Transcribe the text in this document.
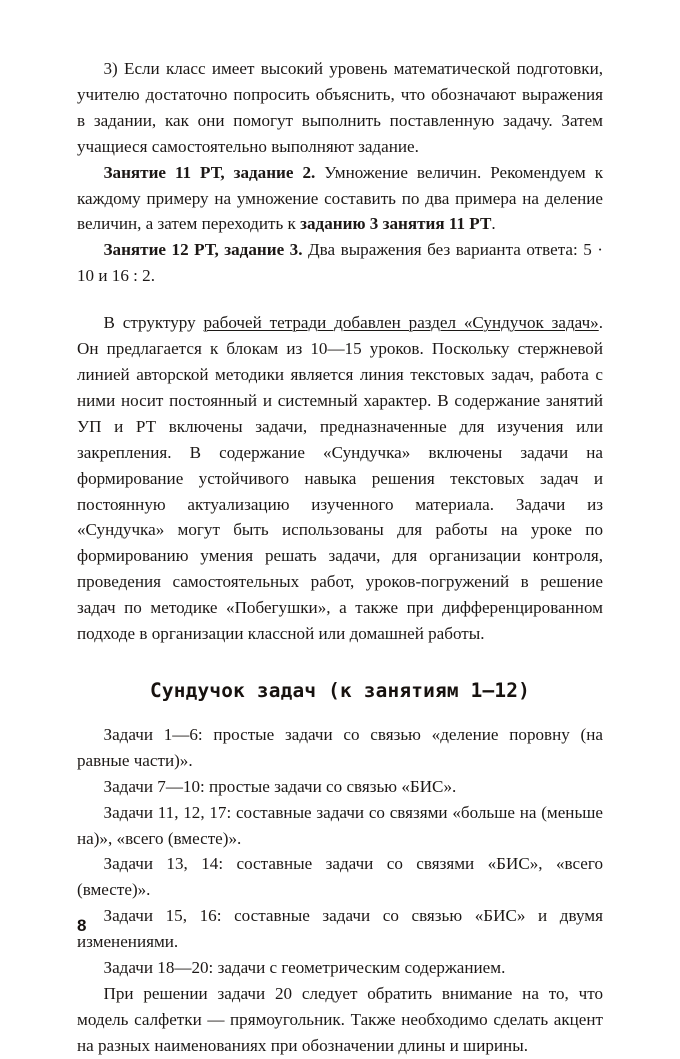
3) Если класс имеет высокий уровень математической подготовки, учителю достаточно попросить объяснить, что обозначают выражения в задании, как они помогут выполнить поставленную задачу. Затем учащиеся самостоятельно выполняют задание.

Занятие 11 РТ, задание 2. Умножение величин. Рекомендуем к каждому примеру на умножение составить по два примера на деление величин, а затем переходить к заданию 3 занятия 11 РТ.

Занятие 12 РТ, задание 3. Два выражения без варианта ответа: 5 · 10 и 16 : 2.

В структуру рабочей тетради добавлен раздел «Сундучок задач». Он предлагается к блокам из 10—15 уроков. Поскольку стержневой линией авторской методики является линия текстовых задач, работа с ними носит постоянный и системный характер. В содержание занятий УП и РТ включены задачи, предназначенные для изучения или закрепления. В содержание «Сундучка» включены задачи на формирование устойчивого навыка решения текстовых задач и постоянную актуализацию изученного материала. Задачи из «Сундучка» могут быть использованы для работы на уроке по формированию умения решать задачи, для организации контроля, проведения самостоятельных работ, уроков-погружений в решение задач по методике «Побегушки», а также при дифференцированном подходе в организации классной или домашней работы.

Сундучок задач (к занятиям 1—12)

Задачи 1—6: простые задачи со связью «деление поровну (на равные части)».

Задачи 7—10: простые задачи со связью «БИС».

Задачи 11, 12, 17: составные задачи со связями «больше на (меньше на)», «всего (вместе)».

Задачи 13, 14: составные задачи со связями «БИС», «всего (вместе)».

Задачи 15, 16: составные задачи со связью «БИС» и двумя изменениями.

Задачи 18—20: задачи с геометрическим содержанием.

При решении задачи 20 следует обратить внимание на то, что модель салфетки — прямоугольник. Также необходимо сделать акцент на разных наименованиях при обозначении длины и ширины.

8
